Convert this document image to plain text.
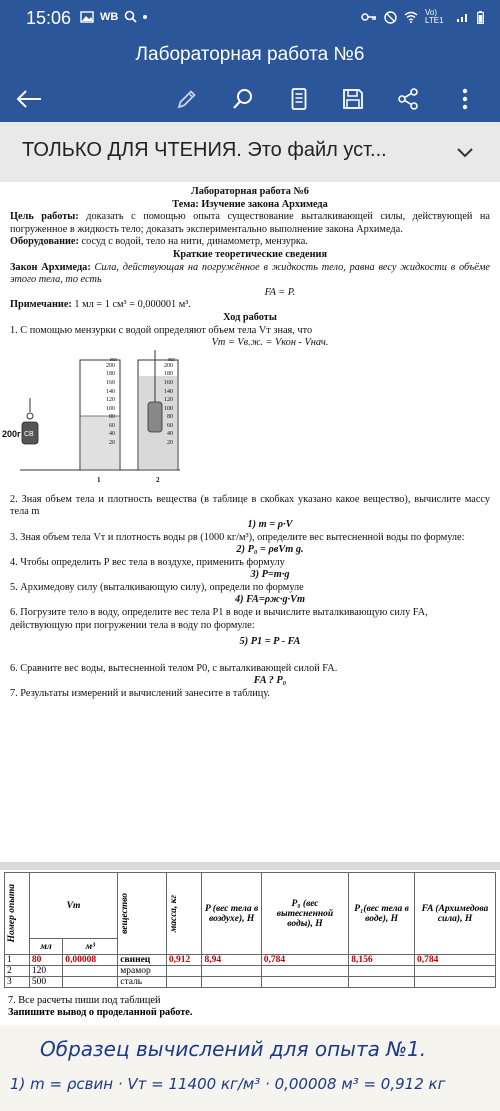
15:06	WB	Vo) LTE1
Лабораторная работа №6
ТОЛЬКО ДЛЯ ЧТЕНИЯ. Это файл уст...

Лабораторная работа №6

Тема: Изучение закона Архимеда

Цель работы: доказать с помощью опыта существование выталкивающей силы, действующей на погруженное в жидкость тело; доказать экспериментально выполнение закона Архимеда.

Оборудование: сосуд с водой, тело на нити, динамометр, мензурка.

Краткие теоретические сведения

Закон Архимеда: Сила, действующая на погружённое в жидкость тело, равна весу жидкости в объёме этого тела, то есть

FA = P.

Примечание: 1 мл = 1 см³ = 0,000001 м³.

Ход работы

1. С помощью мензурки с водой определяют объем тела Vт зная, что

Vт = Vв.ж. = Vкон - Vнач.

мл	мл
200
180
160
140
120
100
80
60
40
20
200
180
160
140
120
100
80
60
40
20
200г СВ
1	2

2. Зная объем тела и плотность вещества (в таблице в скобках указано какое вещество), вычислите массу тела m

1) m = ρ·V

3. Зная объем тела Vт и плотность воды ρв (1000 кг/м³), определите вес вытесненной воды по формуле:

2) P₀ = ρвVт g.

4. Чтобы определить Р вес тела в воздухе, применить формулу

3) P=m·g

5. Архимедову силу (выталкивающую силу), определи по формуле

4) FA=ρж·g·Vт

6. Погрузите тело в воду, определите вес тела P1 в воде и вычислите выталкивающую силу FA, действующую при погружении тела в воду по формуле:

5) P1 = P - FA

6. Сравните вес воды, вытесненной телом P0, с выталкивающей силой FA.

FA ? P₀

7. Результаты измерений и вычислений занесите в таблицу.

Номер опыта	Vт		вещество	масса, кг	P (вес тела в воздухе), Н	P₀ (вес вытесненной воды), Н	P₁(вес тела в воде), Н	FA (Архимедова сила), Н
	мл	м³						
1	80	0,00008	свинец	0,912	8,94	0,784	8,156	0,784
2	120		мрамор					
3	500		сталь					

7. Все расчеты пиши под таблицей

Запишите вывод о проделанной работе.

Образец вычислений для опыта №1.
1) m = ρсвин · Vт = 11400 кг/м³ · 0,00008 м³ = 0,912 кг
